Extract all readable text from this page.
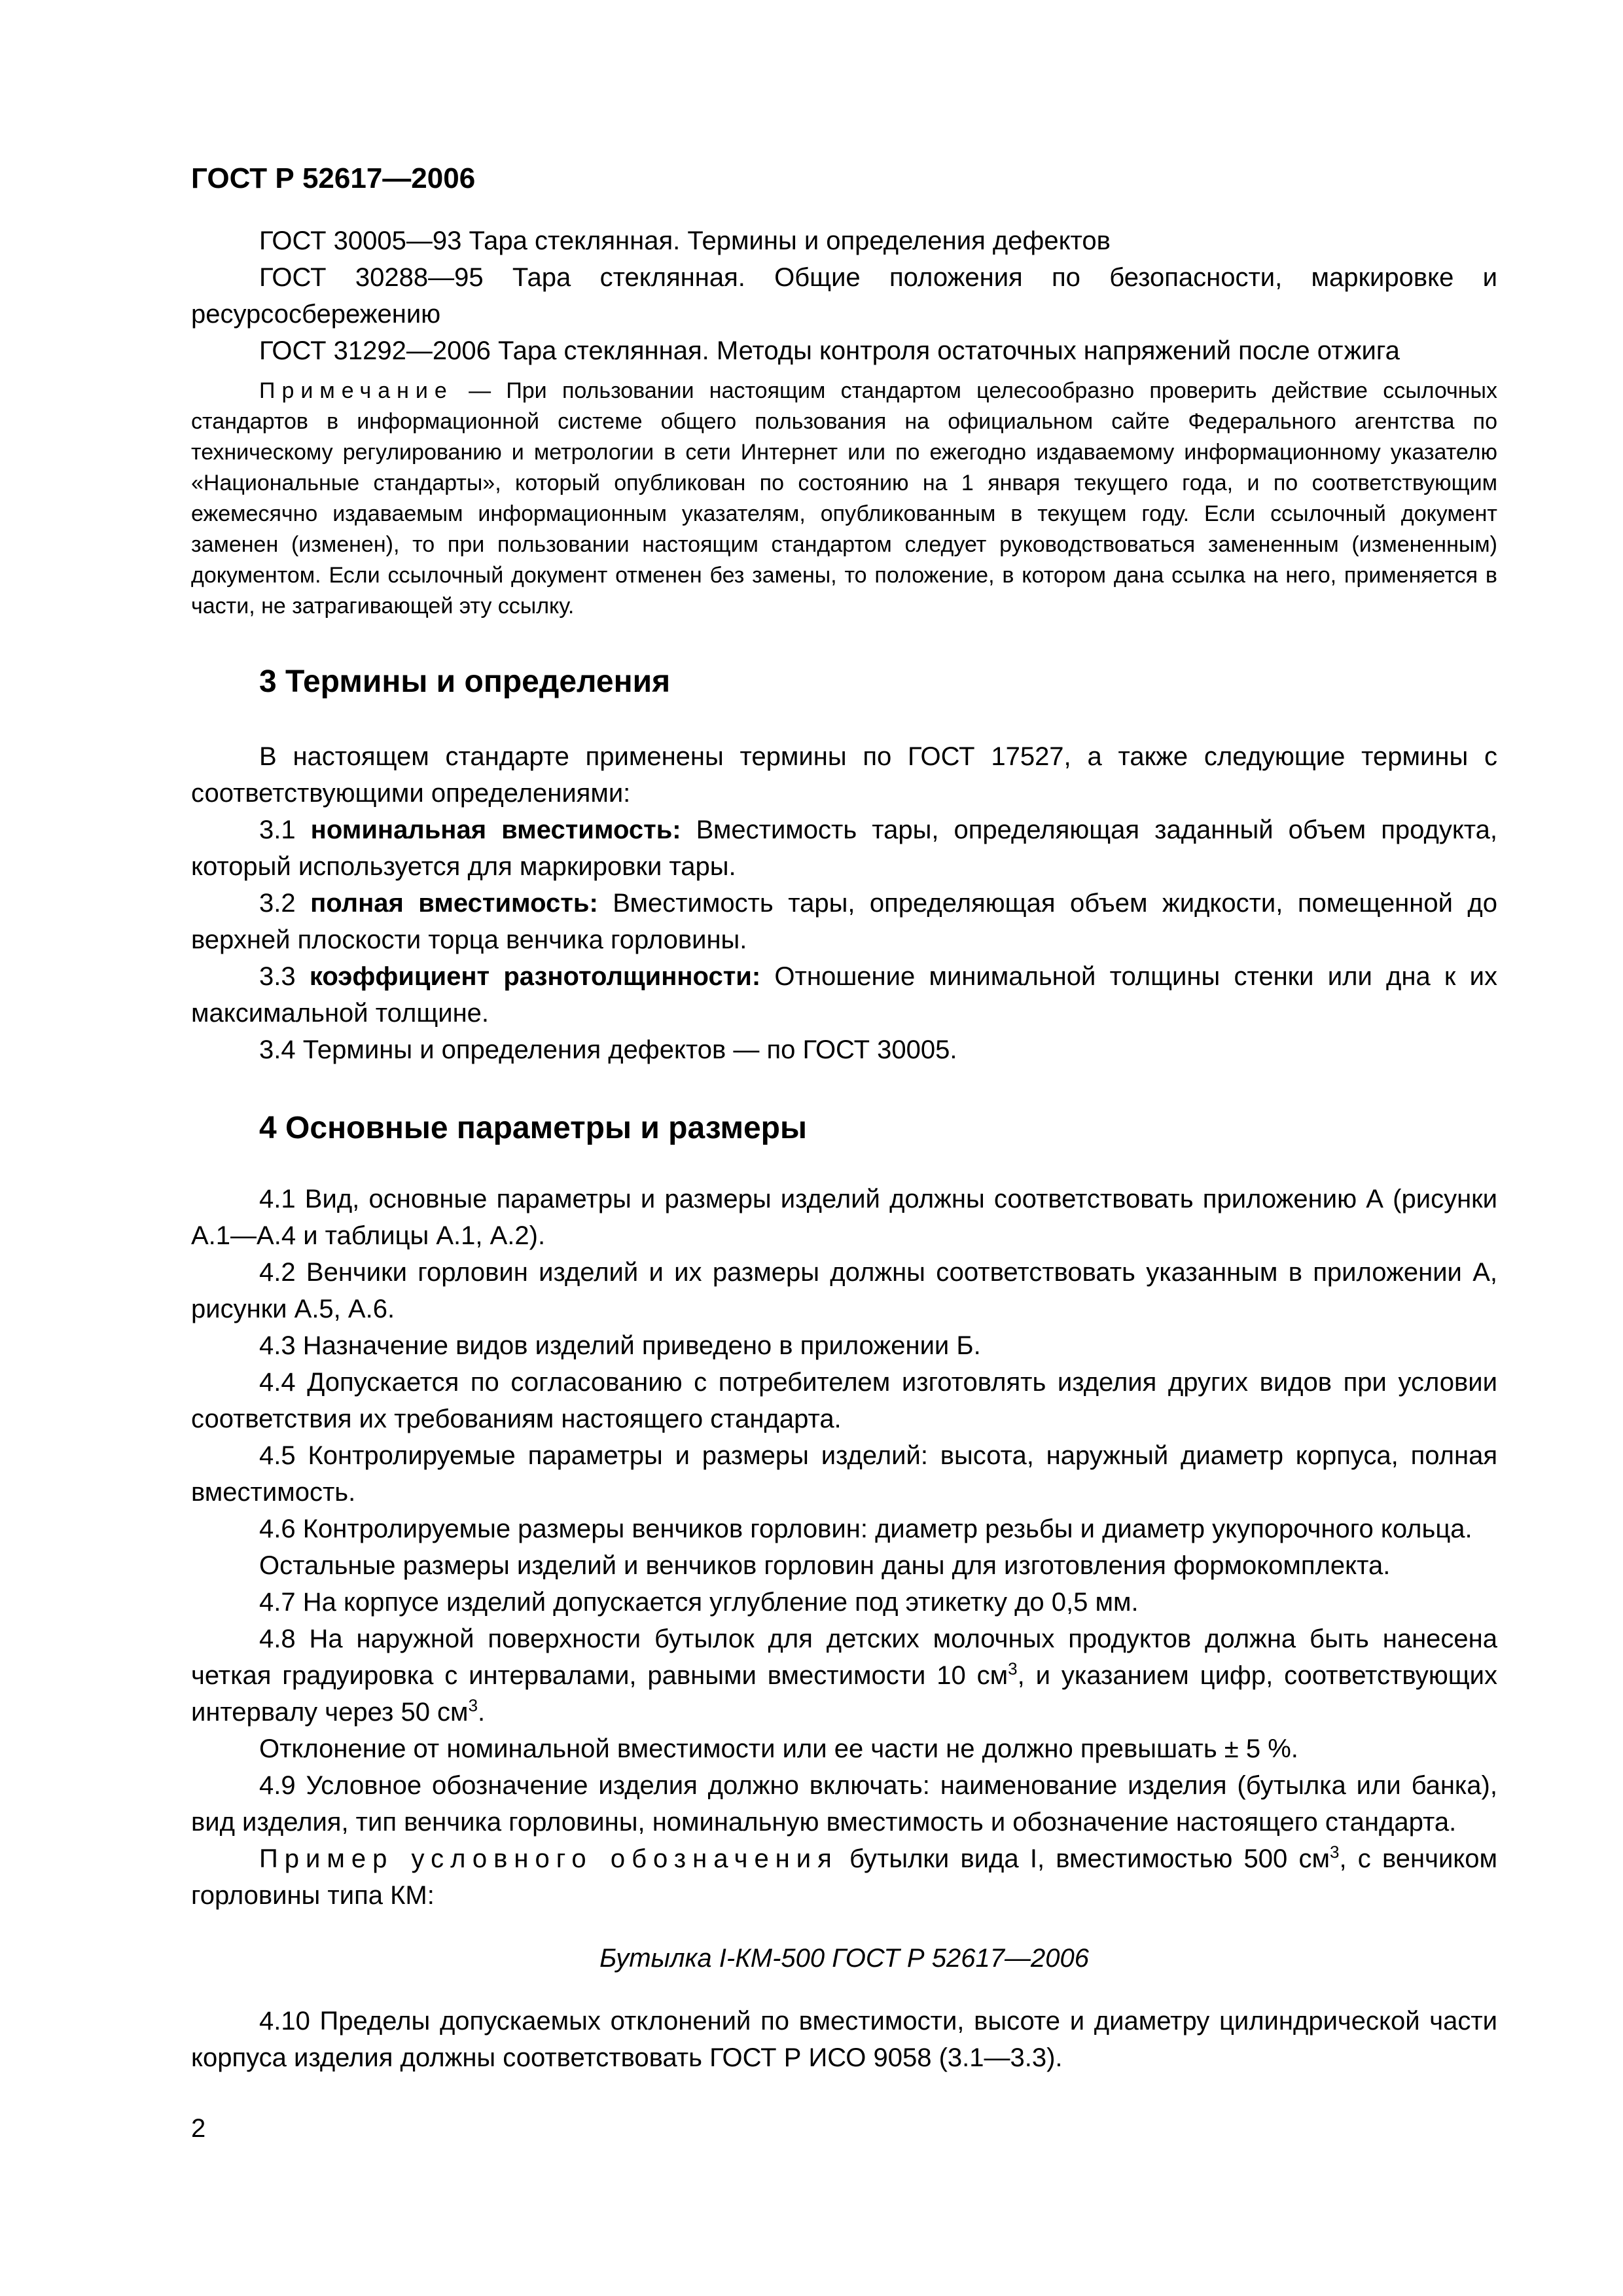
ГОСТ Р 52617—2006

ГОСТ 30005—93 Тара стеклянная. Термины и определения дефектов

ГОСТ 30288—95 Тара стеклянная. Общие положения по безопасности, маркировке и ресурсосбережению

ГОСТ 31292—2006 Тара стеклянная. Методы контроля остаточных напряжений после отжига

Примечание — При пользовании настоящим стандартом целесообразно проверить действие ссылочных стандартов в информационной системе общего пользования на официальном сайте Федерального агентства по техническому регулированию и метрологии в сети Интернет или по ежегодно издаваемому информационному указателю «Национальные стандарты», который опубликован по состоянию на 1 января текущего года, и по соответствующим ежемесячно издаваемым информационным указателям, опубликованным в текущем году. Если ссылочный документ заменен (изменен), то при пользовании настоящим стандартом следует руководствоваться замененным (измененным) документом. Если ссылочный документ отменен без замены, то положение, в котором дана ссылка на него, применяется в части, не затрагивающей эту ссылку.

3 Термины и определения

В настоящем стандарте применены термины по ГОСТ 17527, а также следующие термины с соответствующими определениями:

3.1 номинальная вместимость: Вместимость тары, определяющая заданный объем продукта, который используется для маркировки тары.

3.2 полная вместимость: Вместимость тары, определяющая объем жидкости, помещенной до верхней плоскости торца венчика горловины.

3.3 коэффициент разнотолщинности: Отношение минимальной толщины стенки или дна к их максимальной толщине.

3.4 Термины и определения дефектов — по ГОСТ 30005.

4 Основные параметры и размеры

4.1 Вид, основные параметры и размеры изделий должны соответствовать приложению А (рисунки А.1—А.4 и таблицы А.1, А.2).

4.2 Венчики горловин изделий и их размеры должны соответствовать указанным в приложении А, рисунки А.5, А.6.

4.3 Назначение видов изделий приведено в приложении Б.

4.4 Допускается по согласованию с потребителем изготовлять изделия других видов при условии соответствия их требованиям настоящего стандарта.

4.5 Контролируемые параметры и размеры изделий: высота, наружный диаметр корпуса, полная вместимость.

4.6 Контролируемые размеры венчиков горловин: диаметр резьбы и диаметр укупорочного кольца.

Остальные размеры изделий и венчиков горловин даны для изготовления формокомплекта.

4.7 На корпусе изделий допускается углубление под этикетку до 0,5 мм.

4.8 На наружной поверхности бутылок для детских молочных продуктов должна быть нанесена четкая градуировка с интервалами, равными вместимости 10 $см^3$, и указанием цифр, соответствующих интервалу через 50 $см^3$.

Отклонение от номинальной вместимости или ее части не должно превышать ± 5 %.

4.9 Условное обозначение изделия должно включать: наименование изделия (бутылка или банка), вид изделия, тип венчика горловины, номинальную вместимость и обозначение настоящего стандарта.

Пример условного обозначения бутылки вида I, вместимостью 500 $см^3$, с венчиком горловины типа КМ:

Бутылка I-КМ-500 ГОСТ Р 52617—2006

4.10 Пределы допускаемых отклонений по вместимости, высоте и диаметру цилиндрической части корпуса изделия должны соответствовать ГОСТ Р ИСО 9058 (3.1—3.3).

2
